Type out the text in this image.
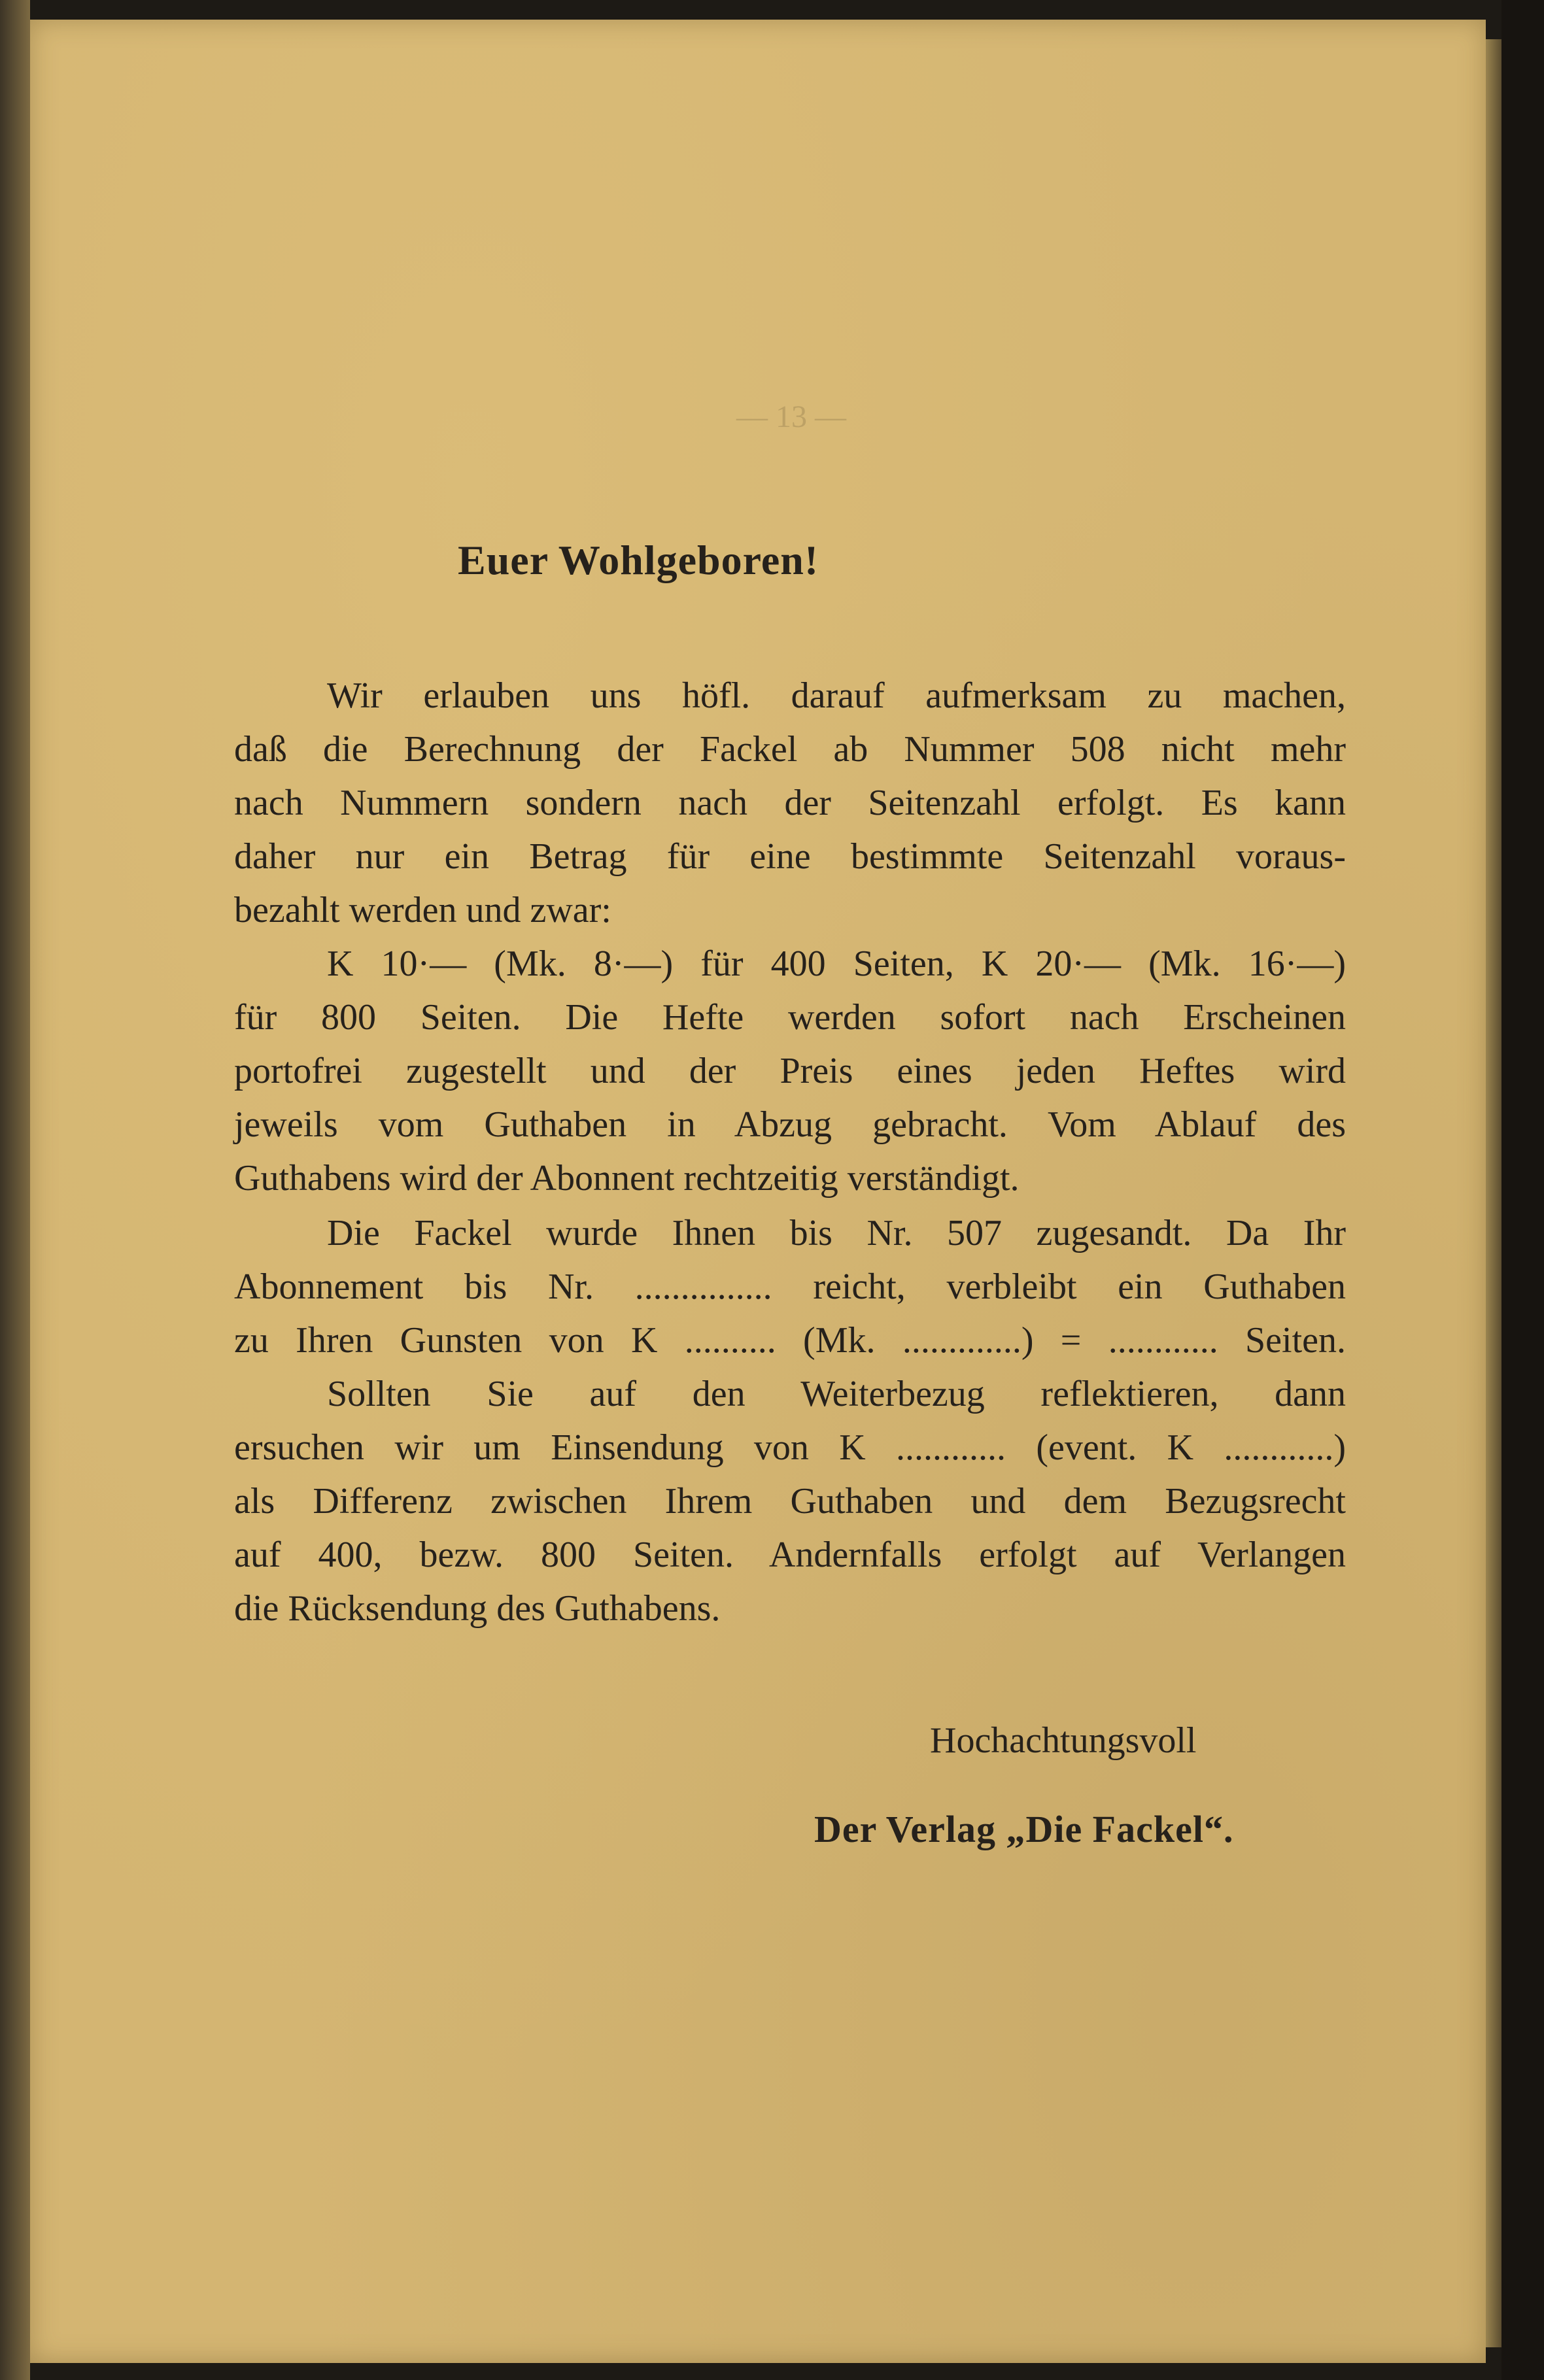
— 13 —
Euer Wohlgeboren!
Wir erlauben uns höfl. darauf aufmerksam zu machen,
daß die Berechnung der Fackel ab Nummer 508 nicht mehr
nach Nummern sondern nach der Seitenzahl erfolgt. Es kann
daher nur ein Betrag für eine bestimmte Seitenzahl voraus-
bezahlt werden und zwar:
K 10·— (Mk. 8·—) für 400 Seiten, K 20·— (Mk. 16·—)
für 800 Seiten. Die Hefte werden sofort nach Erscheinen
portofrei zugestellt und der Preis eines jeden Heftes wird
jeweils vom Guthaben in Abzug gebracht. Vom Ablauf des
Guthabens wird der Abonnent rechtzeitig verständigt.
Die Fackel wurde Ihnen bis Nr. 507 zugesandt. Da Ihr
Abonnement bis Nr. ............... reicht, verbleibt ein Guthaben
zu Ihren Gunsten von K .......... (Mk. .............) = ............ Seiten.
Sollten Sie auf den Weiterbezug reflektieren, dann
ersuchen wir um Einsendung von K ............ (event. K ............)
als Differenz zwischen Ihrem Guthaben und dem Bezugsrecht
auf 400, bezw. 800 Seiten. Andernfalls erfolgt auf Verlangen
die Rücksendung des Guthabens.
Hochachtungsvoll
Der Verlag „Die Fackel“.
